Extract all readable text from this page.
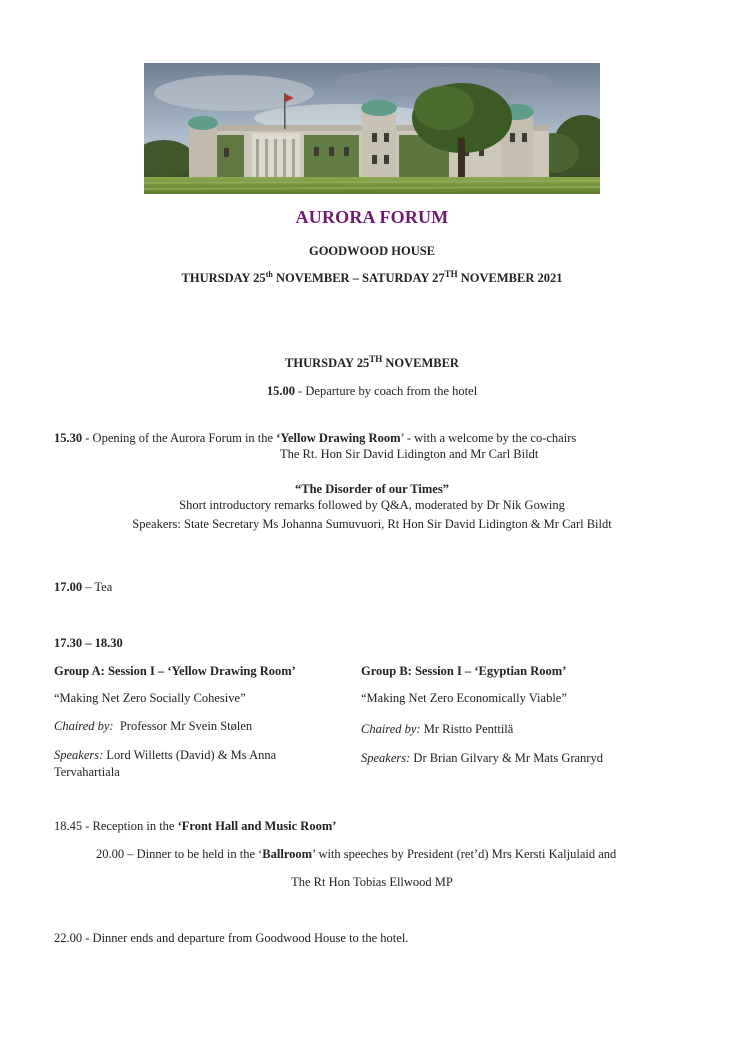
AURORA FORUM
GOODWOOD HOUSE
THURSDAY 25th NOVEMBER – SATURDAY 27TH NOVEMBER 2021
THURSDAY 25TH NOVEMBER
15.00 - Departure by coach from the hotel
15.30 - Opening of the Aurora Forum in the ‘Yellow Drawing Room’ - with a welcome by the co-chairs
The Rt. Hon Sir David Lidington and Mr Carl Bildt
“The Disorder of our Times”
Short introductory remarks followed by Q&A, moderated by Dr Nik Gowing
Speakers: State Secretary Ms Johanna Sumuvuori, Rt Hon Sir David Lidington & Mr Carl Bildt
17.00 – Tea
17.30 – 18.30
Group A: Session I – ‘Yellow Drawing Room’
“Making Net Zero Socially Cohesive”
Chaired by:  Professor Mr Svein Stølen
Speakers: Lord Willetts (David) & Ms Anna
Tervahartiala
Group B: Session I – ‘Egyptian Room’
“Making Net Zero Economically Viable”
Chaired by: Mr Ristto Penttilä
Speakers: Dr Brian Gilvary & Mr Mats Granryd
18.45 - Reception in the ‘Front Hall and Music Room’
20.00 – Dinner to be held in the ‘Ballroom’ with speeches by President (ret’d) Mrs Kersti Kaljulaid and
The Rt Hon Tobias Ellwood MP
22.00 - Dinner ends and departure from Goodwood House to the hotel.
